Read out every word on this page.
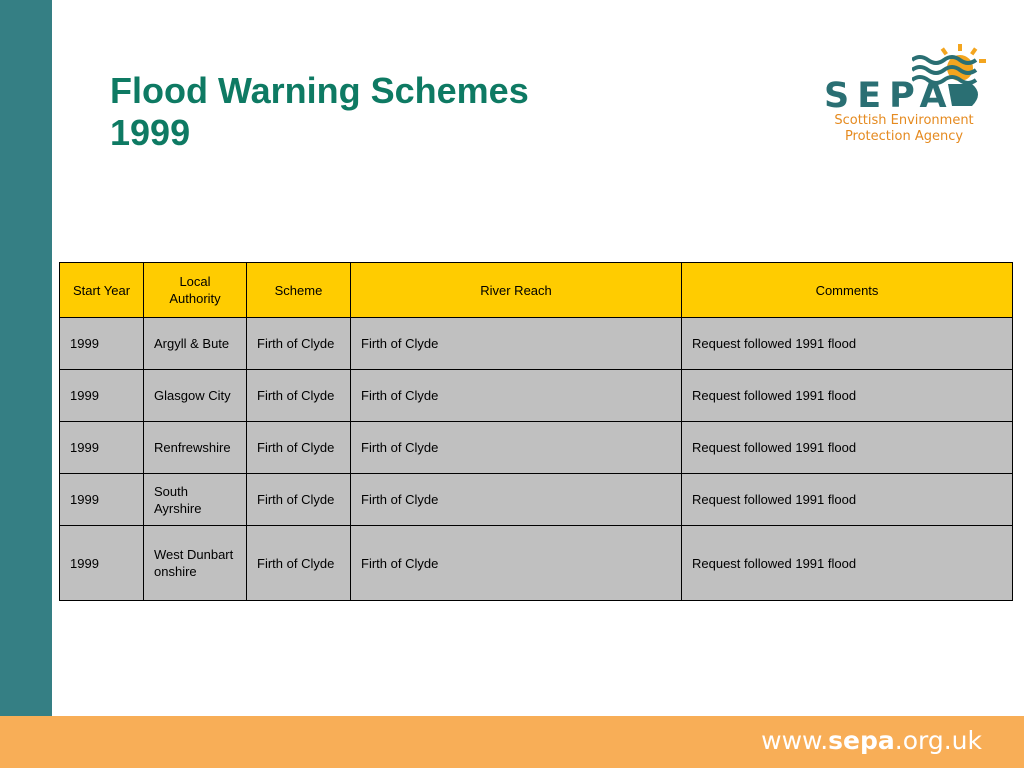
www.sepa.org.uk
Flood Warning Schemes
1999
SEPA
Scottish Environment
Protection Agency
Start Year	Local Authority	Scheme	River Reach	Comments
1999	Argyll & Bute	Firth of Clyde	Firth of Clyde	Request followed 1991 flood
1999	Glasgow City	Firth of Clyde	Firth of Clyde	Request followed 1991 flood
1999	Renfrewshire	Firth of Clyde	Firth of Clyde	Request followed 1991 flood
1999	South Ayrshire	Firth of Clyde	Firth of Clyde	Request followed 1991 flood
1999	West Dunbartonshire	Firth of Clyde	Firth of Clyde	Request followed 1991 flood
